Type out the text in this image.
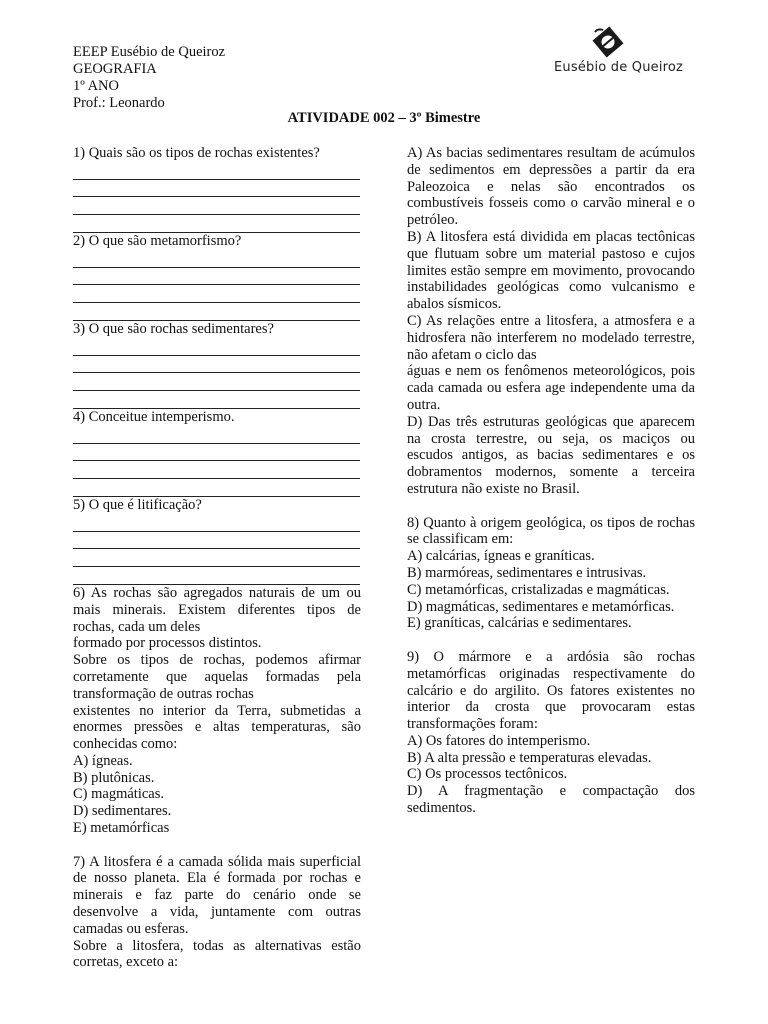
EEEP Eusébio de Queiroz
GEOGRAFIA
1º ANO
Prof.: Leonardo
Eusébio de Queiroz
ATIVIDADE 002 – 3º Bimestre

1) Quais são os tipos de rochas existentes?

2) O que são metamorfismo?

3) O que são rochas sedimentares?

4) Conceitue intemperismo.

5) O que é litificação?

6) As rochas são agregados naturais de um ou mais minerais. Existem diferentes tipos de rochas, cada um deles

formado por processos distintos.

Sobre os tipos de rochas, podemos afirmar corretamente que aquelas formadas pela transformação de outras rochas

existentes no interior da Terra, submetidas a enormes pressões e altas temperaturas, são conhecidas como:

A) ígneas.

B) plutônicas.

C) magmáticas.

D) sedimentares.

E) metamórficas

7) A litosfera é a camada sólida mais superficial de nosso planeta. Ela é formada por rochas e minerais e faz parte do cenário onde se desenvolve a vida, juntamente com outras camadas ou esferas.

Sobre a litosfera, todas as alternativas estão corretas, exceto a:

A) As bacias sedimentares resultam de acúmulos de sedimentos em depressões a partir da era Paleozoica e nelas são encontrados os combustíveis fosseis como o carvão mineral e o petróleo.

B) A litosfera está dividida em placas tectônicas que flutuam sobre um material pastoso e cujos limites estão sempre em movimento, provocando instabilidades geológicas como vulcanismo e abalos sísmicos.

C) As relações entre a litosfera, a atmosfera e a hidrosfera não interferem no modelado terrestre, não afetam o ciclo das

águas e nem os fenômenos meteorológicos, pois cada camada ou esfera age independente uma da outra.

D) Das três estruturas geológicas que aparecem na crosta terrestre, ou seja, os maciços ou escudos antigos, as bacias sedimentares e os dobramentos modernos, somente a terceira estrutura não existe no Brasil.

8) Quanto à origem geológica, os tipos de rochas se classificam em:

A) calcárias, ígneas e graníticas.

B) marmóreas, sedimentares e intrusivas.

C) metamórficas, cristalizadas e magmáticas.

D) magmáticas, sedimentares e metamórficas.

E) graníticas, calcárias e sedimentares.

9) O mármore e a ardósia são rochas metamórficas originadas respectivamente do calcário e do argilito. Os fatores existentes no interior da crosta que provocaram estas transformações foram:

A) Os fatores do intemperismo.

B) A alta pressão e temperaturas elevadas.

C) Os processos tectônicos.

D) A fragmentação e compactação dos sedimentos.
